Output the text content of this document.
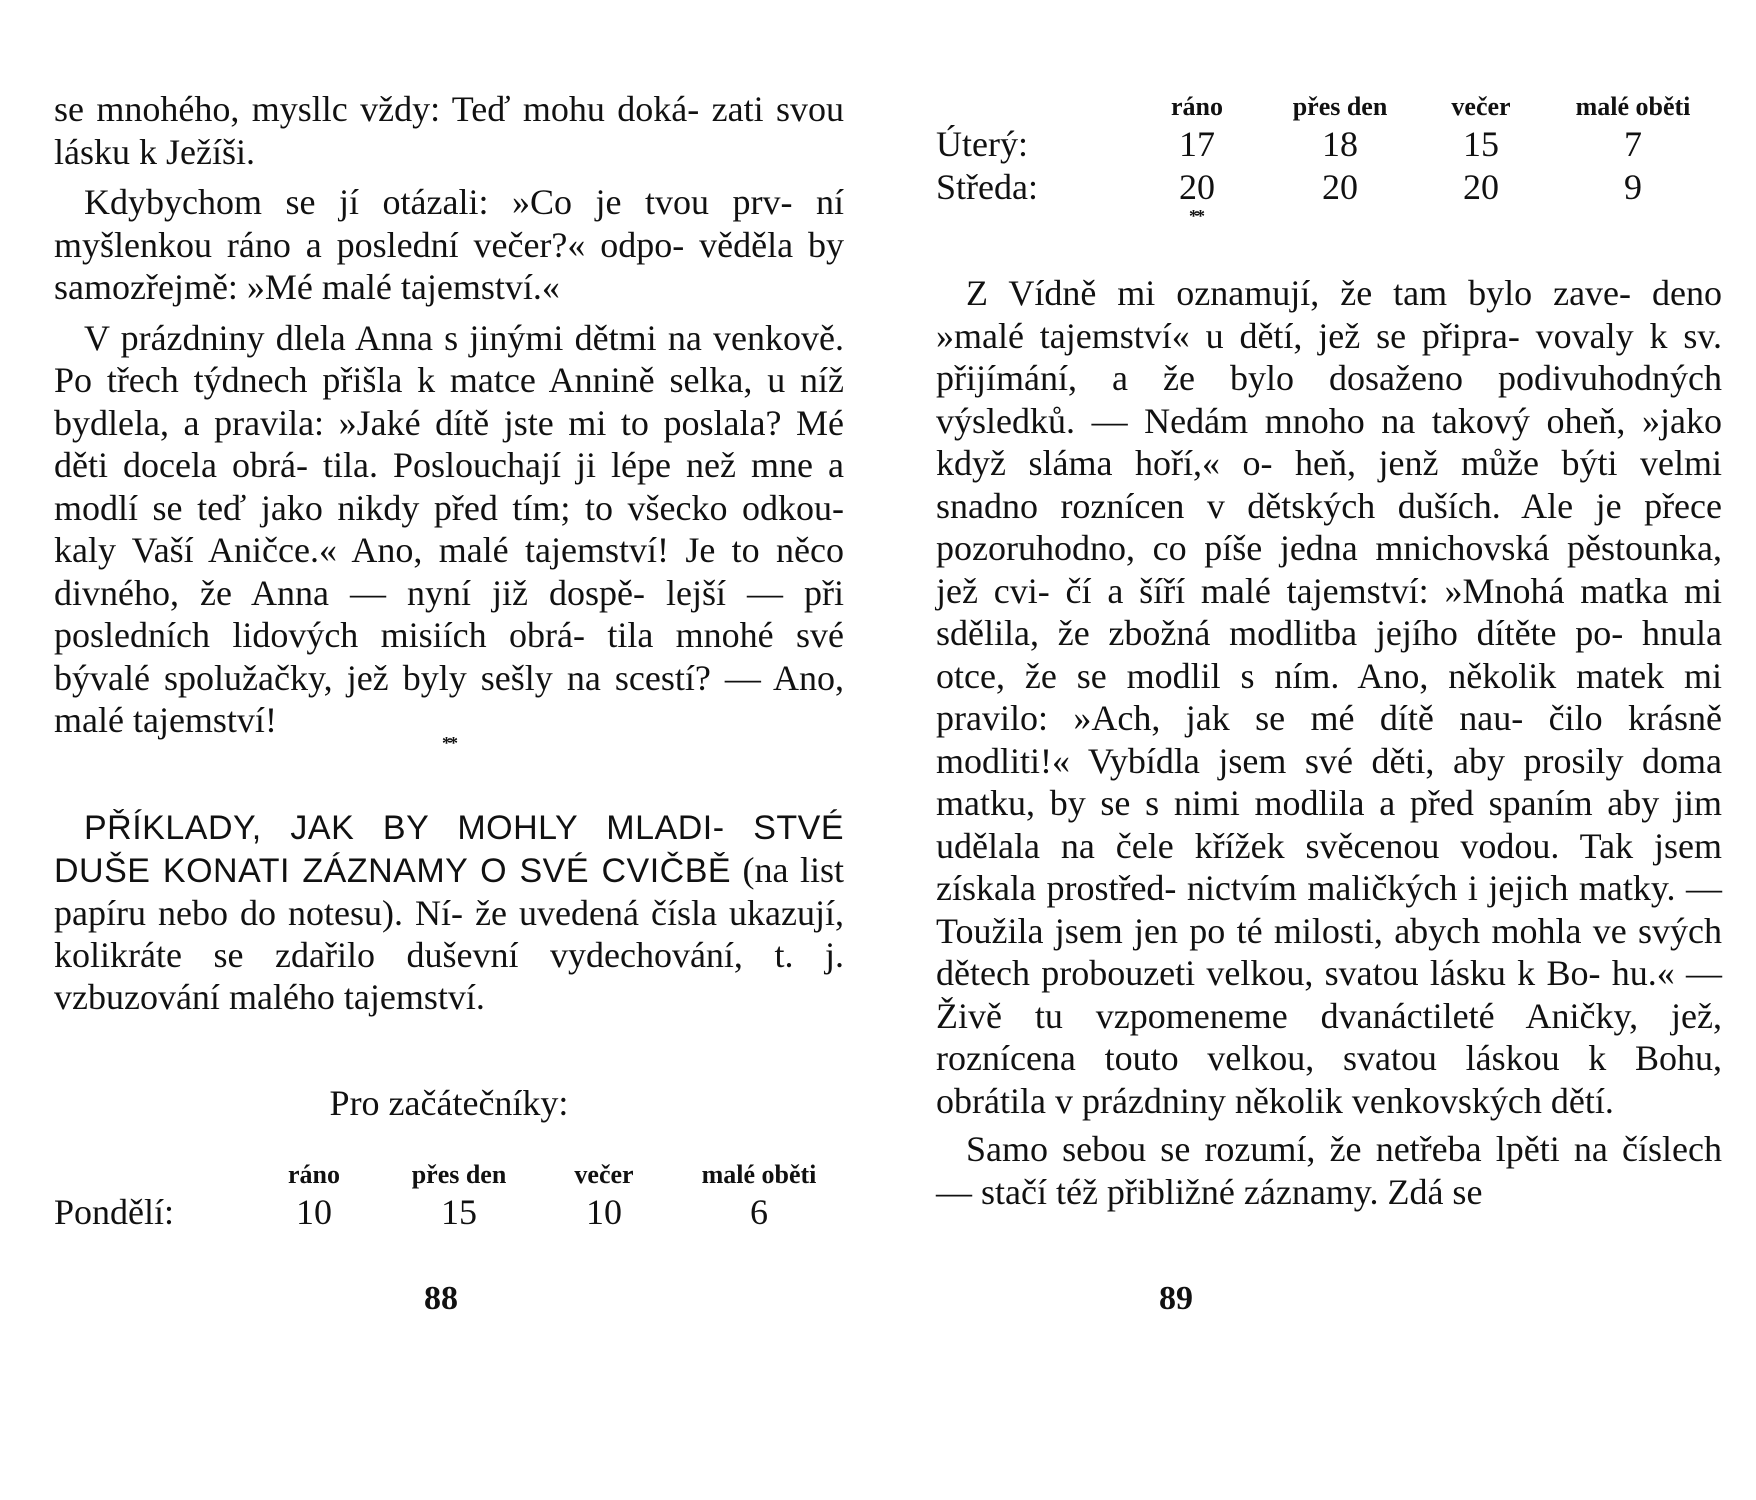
se mnohého, mysllc vždy: Teď mohu doká- zati svou lásku k Ježíši.

Kdybychom se jí otázali: »Co je tvou prv- ní myšlenkou ráno a poslední večer?« odpo- věděla by samozřejmě: »Mé malé tajemství.«

V prázdniny dlela Anna s jinými dětmi na venkově. Po třech týdnech přišla k matce Annině selka, u níž bydlela, a pravila: »Jaké dítě jste mi to poslala? Mé děti docela obrá- tila. Poslouchají ji lépe než mne a modlí se teď jako nikdy před tím; to všecko odkou- kaly Vaší Aničce.« Ano, malé tajemství! Je to něco divného, že Anna — nyní již dospě- lejší — při posledních lidových misiích obrá- tila mnohé své bývalé spolužačky, jež byly sešly na scestí? — Ano, malé tajemství!

**

PŘÍKLADY, JAK BY MOHLY MLADI- STVÉ DUŠE KONATI ZÁZNAMY O SVÉ CVIČBĚ (na list papíru nebo do notesu). Ní- že uvedená čísla ukazují, kolikráte se zdařilo duševní vydechování, t. j. vzbuzování malého tajemství.

Pro začátečníky:

	ráno	přes den	večer	malé oběti
Pondělí:	10	15	10	6
88
	ráno	přes den	večer	malé oběti
Úterý:	17	18	15	7
Středa:	20	20	20	9
**

Z Vídně mi oznamují, že tam bylo zave- deno »malé tajemství« u dětí, jež se připra- vovaly k sv. přijímání, a že bylo dosaženo podivuhodných výsledků. — Nedám mnoho na takový oheň, »jako když sláma hoří,« o- heň, jenž může býti velmi snadno roznícen v dětských duších. Ale je přece pozoruhodno, co píše jedna mnichovská pěstounka, jež cvi- čí a šíří malé tajemství: »Mnohá matka mi sdělila, že zbožná modlitba jejího dítěte po- hnula otce, že se modlil s ním. Ano, několik matek mi pravilo: »Ach, jak se mé dítě nau- čilo krásně modliti!« Vybídla jsem své děti, aby prosily doma matku, by se s nimi modlila a před spaním aby jim udělala na čele křížek svěcenou vodou. Tak jsem získala prostřed- nictvím maličkých i jejich matky. — Toužila jsem jen po té milosti, abych mohla ve svých dětech probouzeti velkou, svatou lásku k Bo- hu.« — Živě tu vzpomeneme dvanáctileté Aničky, jež, roznícena touto velkou, svatou láskou k Bohu, obrátila v prázdniny několik venkovských dětí.

Samo sebou se rozumí, že netřeba lpěti na číslech — stačí též přibližné záznamy. Zdá se

89
